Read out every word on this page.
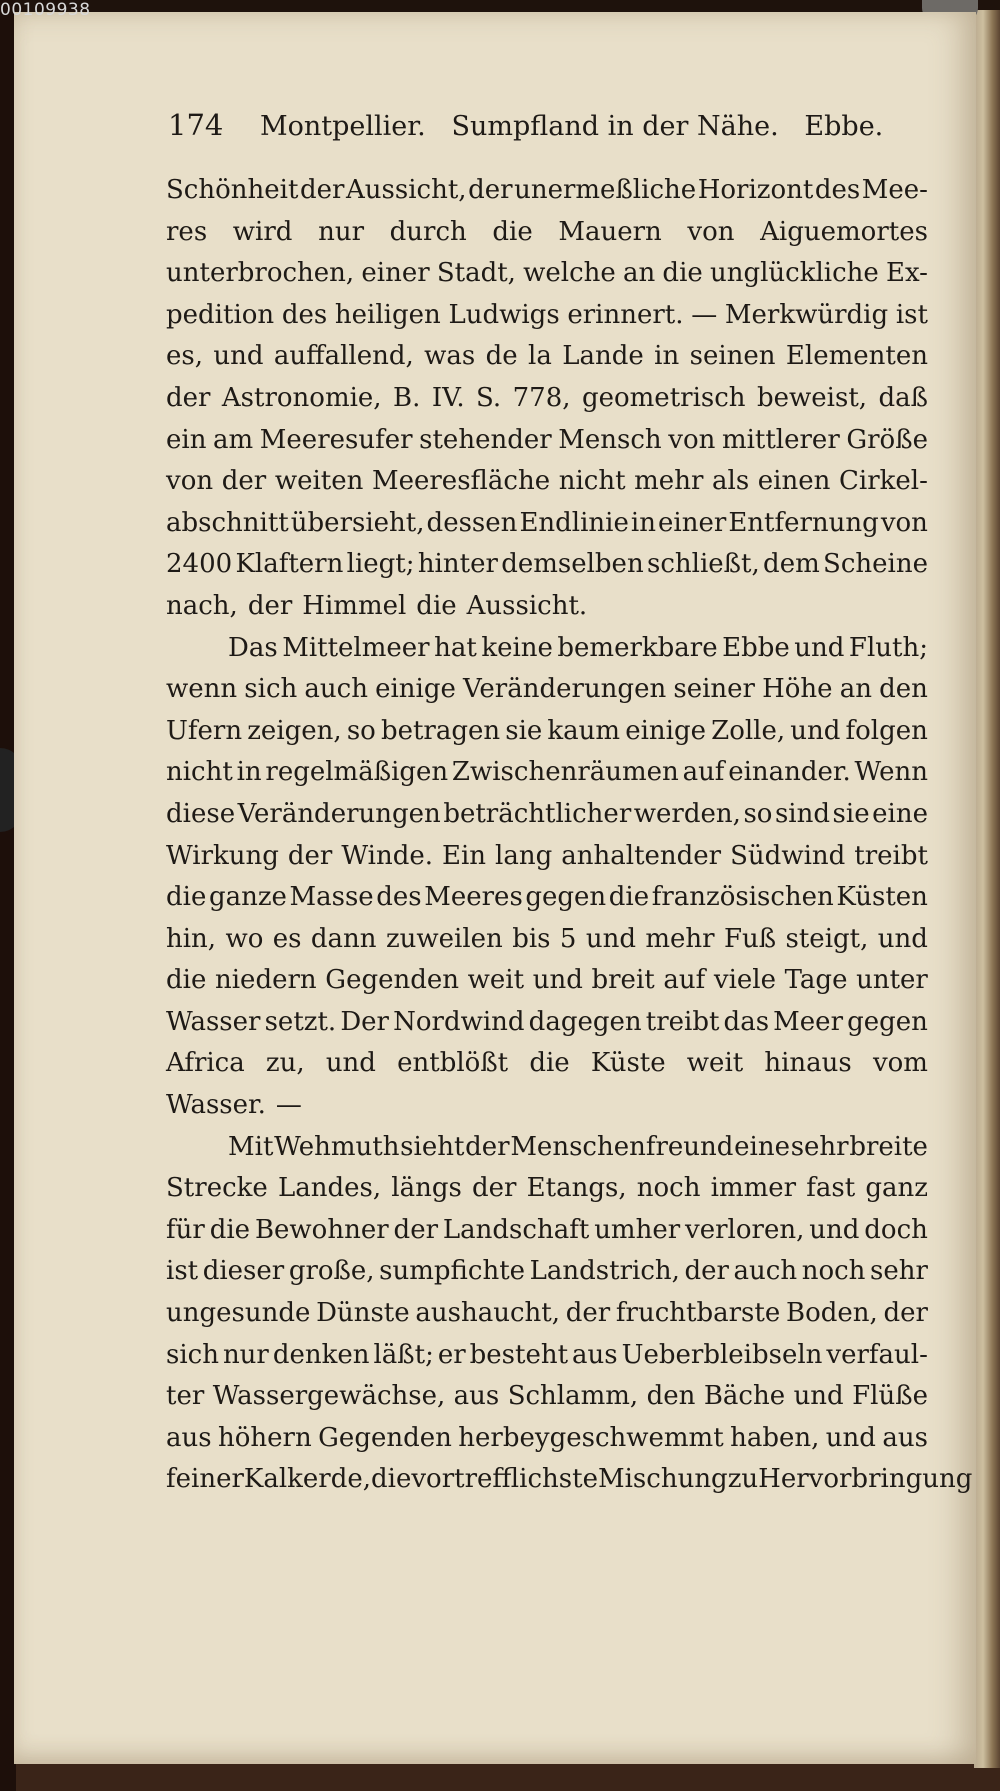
00109938
174 Montpellier.   Sumpfland in der Nähe.   Ebbe.
Schönheit der Aussicht, der unermeßliche Horizont des Mee-
res wird nur durch die Mauern von Aiguemortes
unterbrochen, einer Stadt, welche an die unglückliche Ex-
pedition des heiligen Ludwigs erinnert. — Merkwürdig ist
es, und auffallend, was de la Lande in seinen Elementen
der Astronomie, B. IV. S. 778, geometrisch beweist, daß
ein am Meeresufer stehender Mensch von mittlerer Größe
von der weiten Meeresfläche nicht mehr als einen Cirkel-
abschnitt übersieht, dessen Endlinie in einer Entfernung von
2400 Klaftern liegt; hinter demselben schließt, dem Scheine
nach, der Himmel die Aussicht.
Das Mittelmeer hat keine bemerkbare Ebbe und Fluth;
wenn sich auch einige Veränderungen seiner Höhe an den
Ufern zeigen, so betragen sie kaum einige Zolle, und folgen
nicht in regelmäßigen Zwischenräumen auf einander. Wenn
diese Veränderungen beträchtlicher werden, so sind sie eine
Wirkung der Winde. Ein lang anhaltender Südwind treibt
die ganze Masse des Meeres gegen die französischen Küsten
hin, wo es dann zuweilen bis 5 und mehr Fuß steigt, und
die niedern Gegenden weit und breit auf viele Tage unter
Wasser setzt. Der Nordwind dagegen treibt das Meer gegen
Africa zu, und entblößt die Küste weit hinaus vom
Wasser. —
Mit Wehmuth sieht der Menschenfreund eine sehr breite
Strecke Landes, längs der Etangs, noch immer fast ganz
für die Bewohner der Landschaft umher verloren, und doch
ist dieser große, sumpfichte Landstrich, der auch noch sehr
ungesunde Dünste aushaucht, der fruchtbarste Boden, der
sich nur denken läßt; er besteht aus Ueberbleibseln verfaul-
ter Wassergewächse, aus Schlamm, den Bäche und Flüße
aus höhern Gegenden herbeygeschwemmt haben, und aus
feiner Kalkerde, die vortrefflichste Mischung zu Hervorbringung
